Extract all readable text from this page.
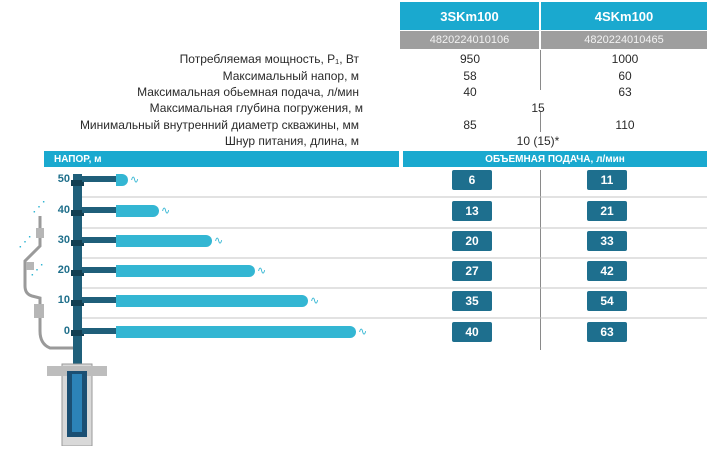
3SKm100	4SKm100
4820224010106	4820224010465
Потребляемая мощность, P₁, Вт	950	1000
Максимальный напор, м	58	60
Максимальная обьемная подача, л/мин	40	63
Максимальная глубина погружения, м	15
Минимальный внутренний диаметр скважины, мм	85	110
Шнур питания, длина, м	10 (15)*
НАПОР, м	ОБЪЕМНАЯ ПОДАЧА, л/мин
⋰
⋰
⋰
50	∿	6	11
40	∿	13	21
30	∿	20	33
20	∿	27	42
10	∿	35	54
0	∿	40	63
